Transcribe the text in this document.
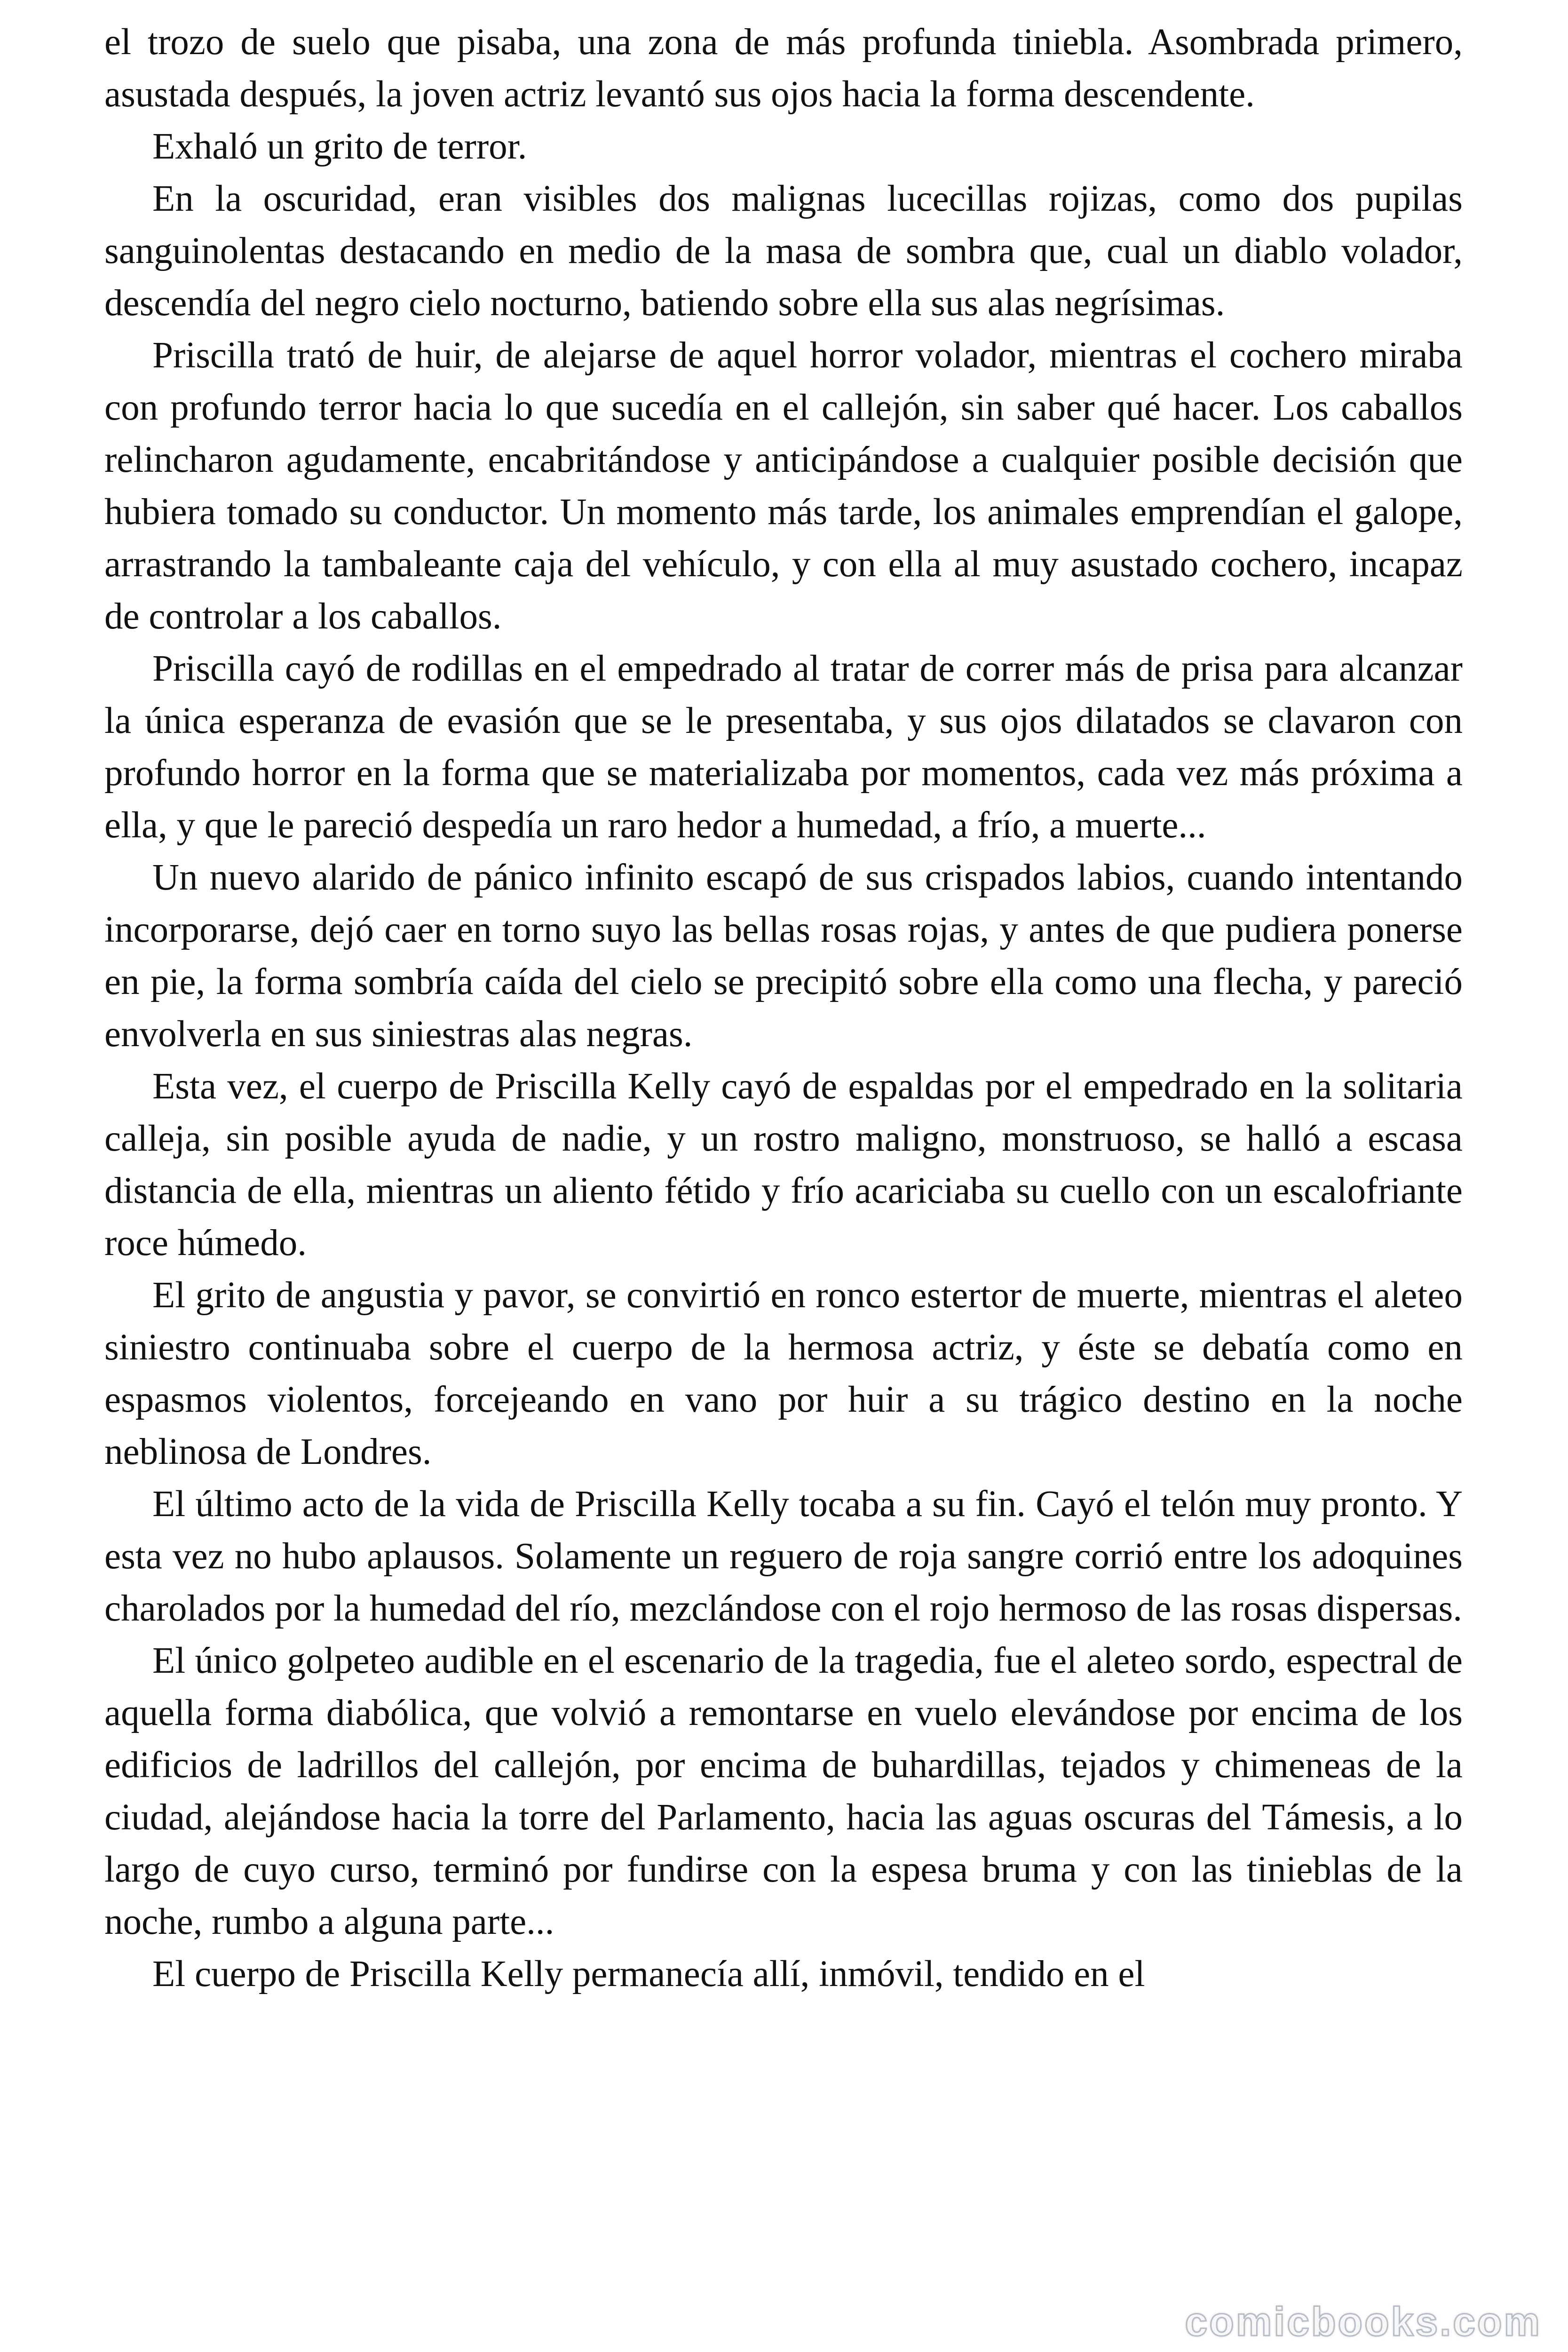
el trozo de suelo que pisaba, una zona de más profunda tiniebla. Asombrada primero, asustada después, la joven actriz levantó sus ojos hacia la forma descendente.

Exhaló un grito de terror.

En la oscuridad, eran visibles dos malignas lucecillas rojizas, como dos pupilas sanguinolentas destacando en medio de la masa de sombra que, cual un diablo volador, descendía del negro cielo nocturno, batiendo sobre ella sus alas negrísimas.

Priscilla trató de huir, de alejarse de aquel horror volador, mientras el cochero miraba con profundo terror hacia lo que sucedía en el callejón, sin saber qué hacer. Los caballos relincharon agudamente, encabritándose y anticipándose a cualquier posible decisión que hubiera tomado su conductor. Un momento más tarde, los animales emprendían el galope, arrastrando la tambaleante caja del vehículo, y con ella al muy asustado cochero, incapaz de controlar a los caballos.

Priscilla cayó de rodillas en el empedrado al tratar de correr más de prisa para alcanzar la única esperanza de evasión que se le presentaba, y sus ojos dilatados se clavaron con profundo horror en la forma que se materializaba por momentos, cada vez más próxima a ella, y que le pareció despedía un raro hedor a humedad, a frío, a muerte...

Un nuevo alarido de pánico infinito escapó de sus crispados labios, cuando intentando incorporarse, dejó caer en torno suyo las bellas rosas rojas, y antes de que pudiera ponerse en pie, la forma sombría caída del cielo se precipitó sobre ella como una flecha, y pareció envolverla en sus siniestras alas negras.

Esta vez, el cuerpo de Priscilla Kelly cayó de espaldas por el empedrado en la solitaria calleja, sin posible ayuda de nadie, y un rostro maligno, monstruoso, se halló a escasa distancia de ella, mientras un aliento fétido y frío acariciaba su cuello con un escalofriante roce húmedo.

El grito de angustia y pavor, se convirtió en ronco estertor de muerte, mientras el aleteo siniestro continuaba sobre el cuerpo de la hermosa actriz, y éste se debatía como en espasmos violentos, forcejeando en vano por huir a su trágico destino en la noche neblinosa de Londres.

El último acto de la vida de Priscilla Kelly tocaba a su fin. Cayó el telón muy pronto. Y esta vez no hubo aplausos. Solamente un reguero de roja sangre corrió entre los adoquines charolados por la humedad del río, mezclándose con el rojo hermoso de las rosas dispersas.

El único golpeteo audible en el escenario de la tragedia, fue el aleteo sordo, espectral de aquella forma diabólica, que volvió a remontarse en vuelo elevándose por encima de los edificios de ladrillos del callejón, por encima de buhardillas, tejados y chimeneas de la ciudad, alejándose hacia la torre del Parlamento, hacia las aguas oscuras del Támesis, a lo largo de cuyo curso, terminó por fundirse con la espesa bruma y con las tinieblas de la noche, rumbo a alguna parte...

El cuerpo de Priscilla Kelly permanecía allí, inmóvil, tendido en el

comicbooks.com
